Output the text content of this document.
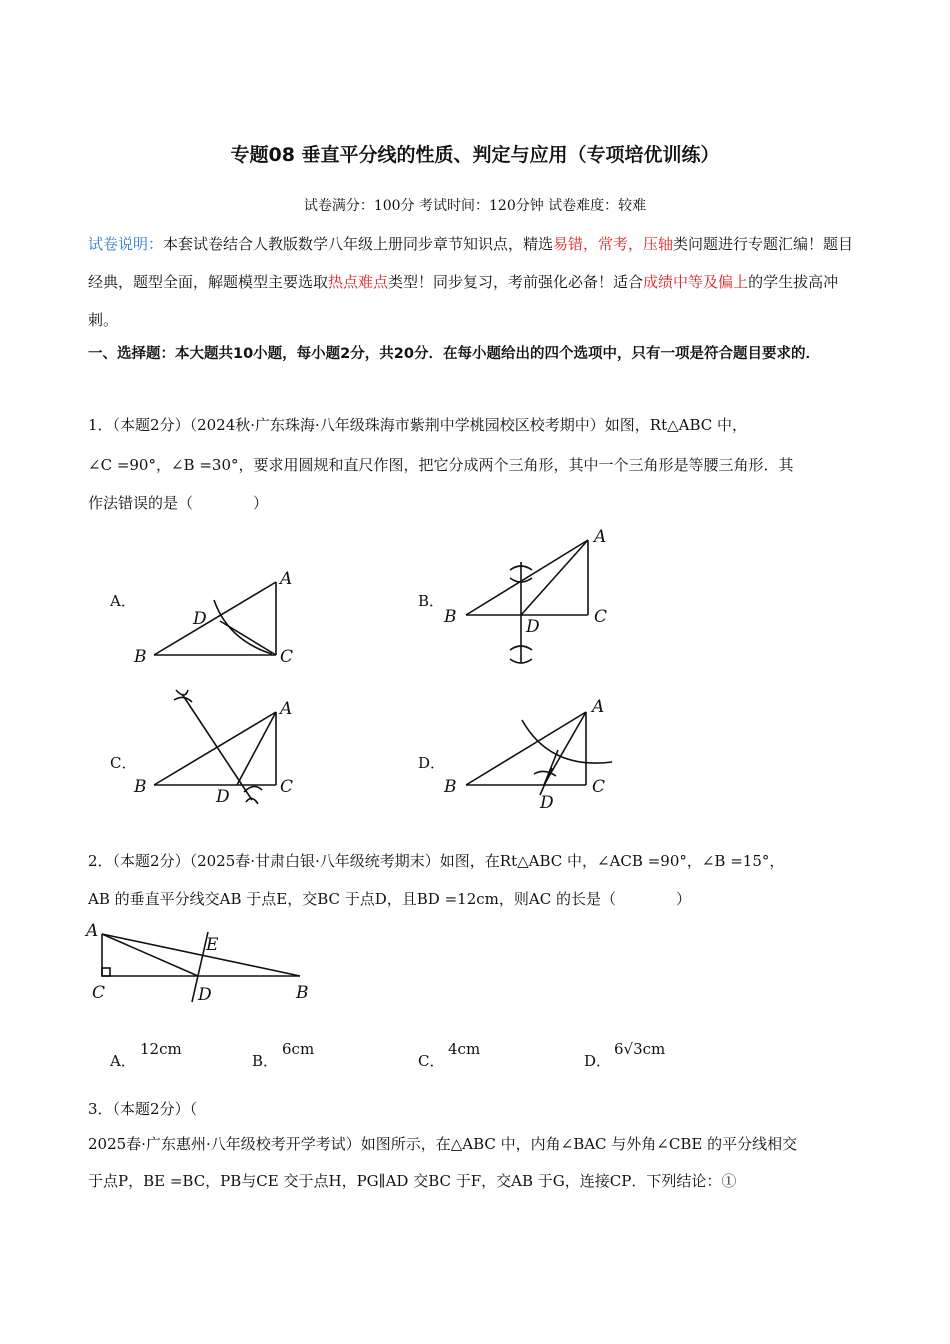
专题08 垂直平分线的性质、判定与应用（专项培优训练）
试卷满分：100分 考试时间：120分钟 试卷难度：较难
试卷说明：本套试卷结合人教版数学八年级上册同步章节知识点，精选易错，常考，压轴类问题进行专题汇编！题目经典，题型全面，解题模型主要选取热点难点类型！同步复习，考前强化必备！适合成绩中等及偏上的学生拔高冲刺。
一、选择题：本大题共10小题，每小题2分，共20分．在每小题给出的四个选项中，只有一项是符合题目要求的．
1．（本题2分）（2024秋·广东珠海·八年级珠海市紫荆中学桃园校区校考期中）如图，Rt△ABC 中，
∠C =90°，∠B =30°，要求用圆规和直尺作图，把它分成两个三角形，其中一个三角形是等腰三角形．其
作法错误的是（　　　　）
A．	B．
C．	D．
B
A
C
D	B
A
C
D
B
A
C
D	B
A
C
D
2．（本题2分）（2025春·甘肃白银·八年级统考期末）如图，在Rt△ABC 中，∠ACB =90°，∠B =15°，
AB 的垂直平分线交AB 于点E，交BC 于点D，且BD =12cm，则AC 的长是（　　　　）
A
C	D	B
E
A．
12cm
B．
6cm
C．
4cm
D．
6√3cm
3．（本题2分）（
2025春·广东惠州·八年级校考开学考试）如图所示，在△ABC 中，内角∠BAC 与外角∠CBE 的平分线相交
于点P，BE =BC，PB与CE 交于点H，PG∥AD 交BC 于F，交AB 于G，连接CP．下列结论：①
